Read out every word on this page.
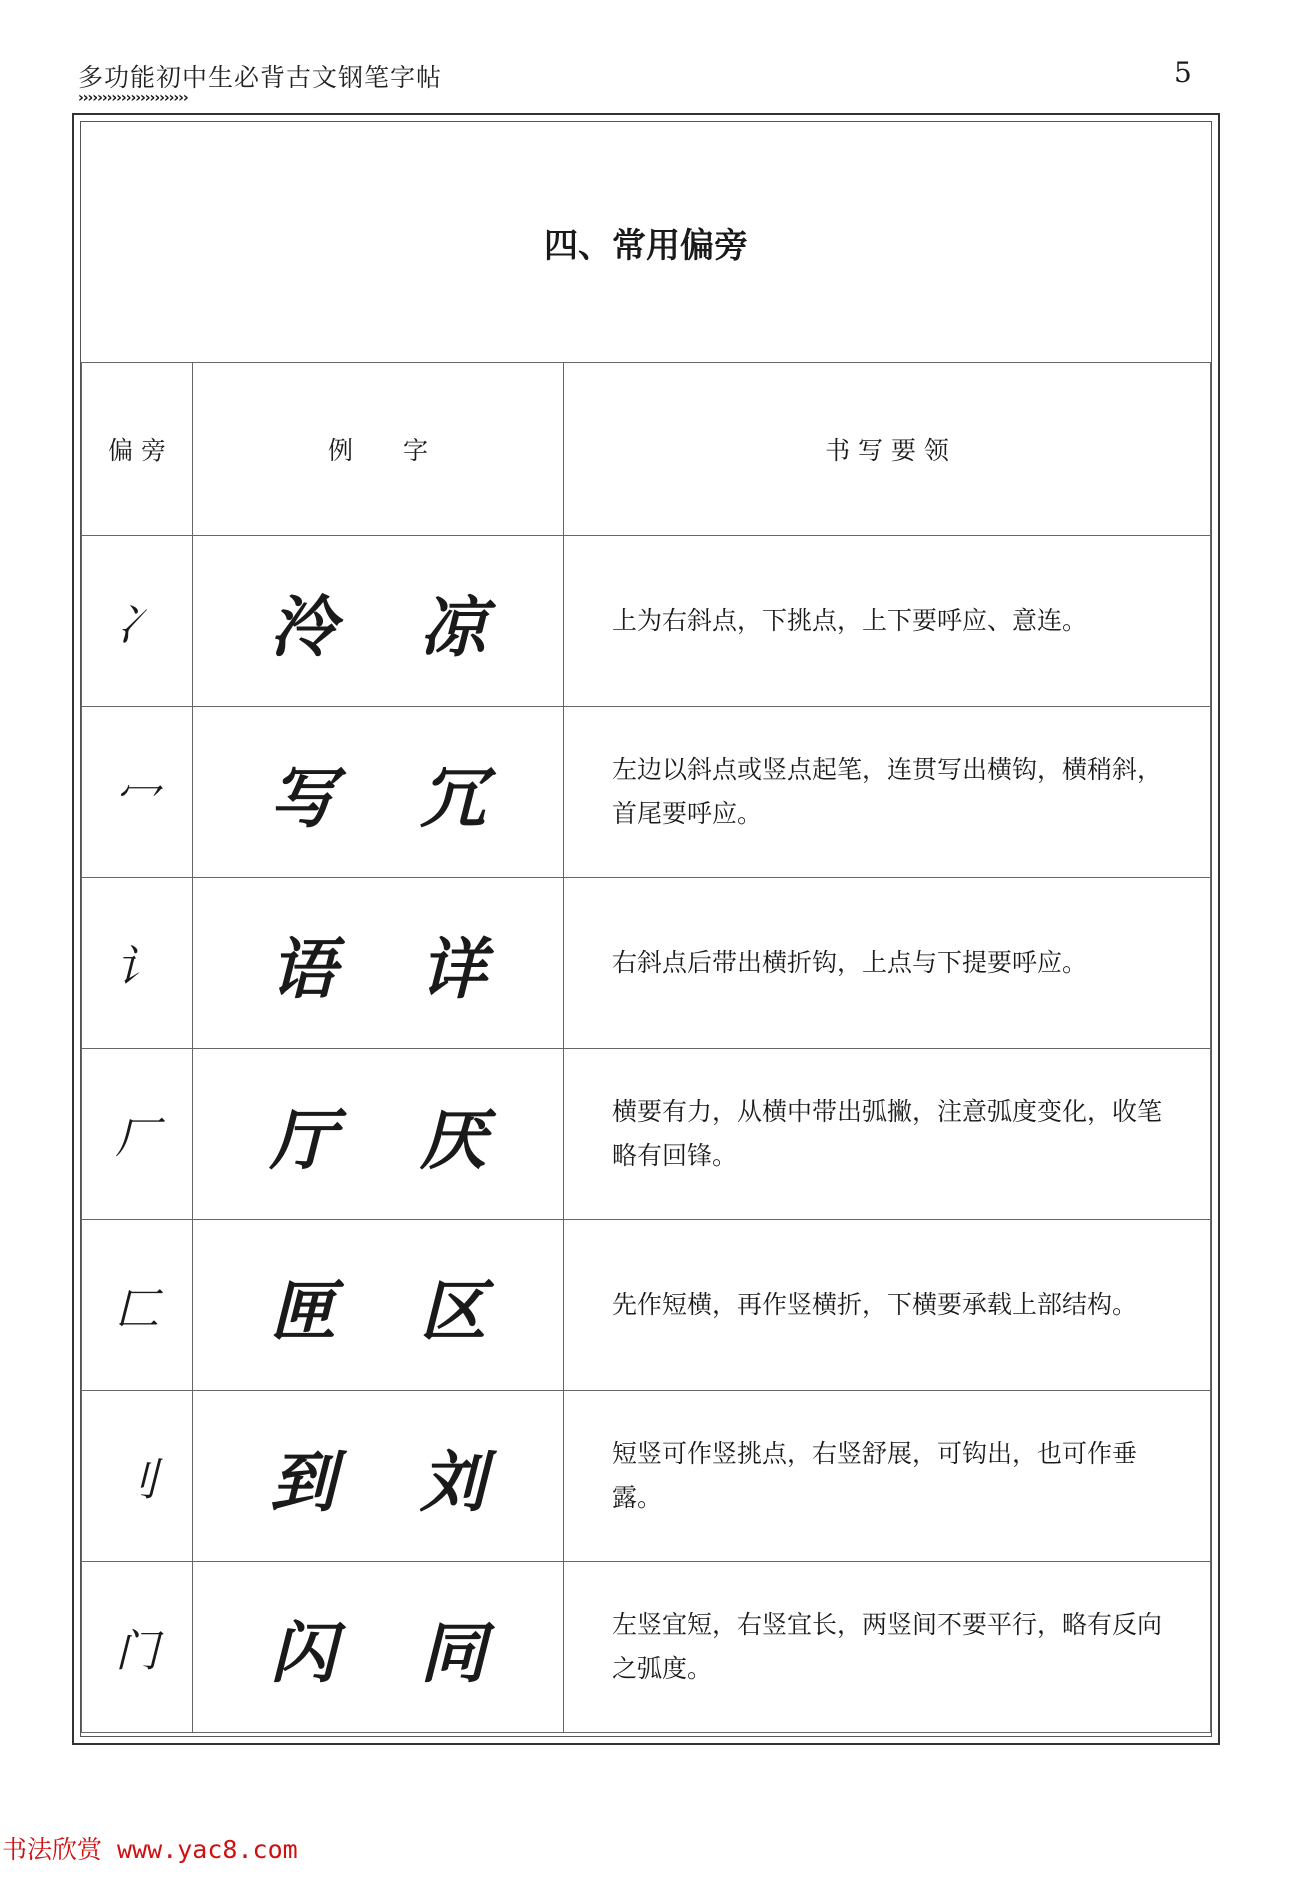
多功能初中生必背古文钢笔字帖
›››››››››››››››››››››››
5
四、常用偏旁
偏 旁	例　　字	书 写 要 领
冫	泠 凉	上为右斜点，下挑点，上下要呼应、意连。
冖	写 冗	左边以斜点或竖点起笔，连贯写出横钩，横稍斜，首尾要呼应。
讠	语 详	右斜点后带出横折钩，上点与下提要呼应。
厂	厅 厌	横要有力，从横中带出弧撇，注意弧度变化，收笔略有回锋。
匚	匣 区	先作短横，再作竖横折，下横要承载上部结构。
刂	到 刘	短竖可作竖挑点，右竖舒展，可钩出，也可作垂露。
门	闪 同	左竖宜短，右竖宜长，两竖间不要平行，略有反向之弧度。
书法欣赏 www.yac8.com
